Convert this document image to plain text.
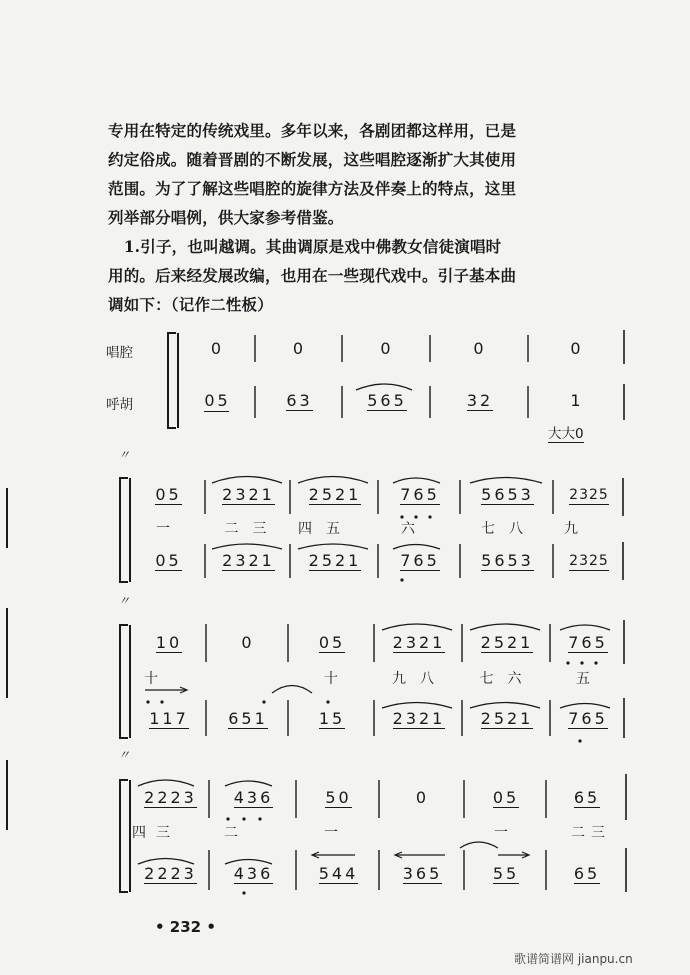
专用在特定的传统戏里。多年以来，各剧团都这样用，已是

约定俗成。随着晋剧的不断发展，这些唱腔逐渐扩大其使用

范围。为了了解这些唱腔的旋律方法及伴奏上的特点，这里

列举部分唱例，供大家参考借鉴。

　1.引子，也叫越调。其曲调原是戏中佛教女信徒演唱时

用的。后来经发展改编，也用在一些现代戏中。引子基本曲

调如下：（记作二性板）

唱腔
呼胡
0	0	0	0	0
05	63	565	32	1
大大0
〃
05	2321	2521	765	5653	2325
一	二三	四五	六	七八	九
05	2321	2521	765	5653	2325
〃
10	0	05	2321	2521	765
十	十	九八	七六	五
117	651	15	2321	2521	765
〃
2223	436	50	0	05	65
四三	二	一	一	二三
2223	436	544	365	55	65
• 232 •
歌谱简谱网 jianpu.cn
